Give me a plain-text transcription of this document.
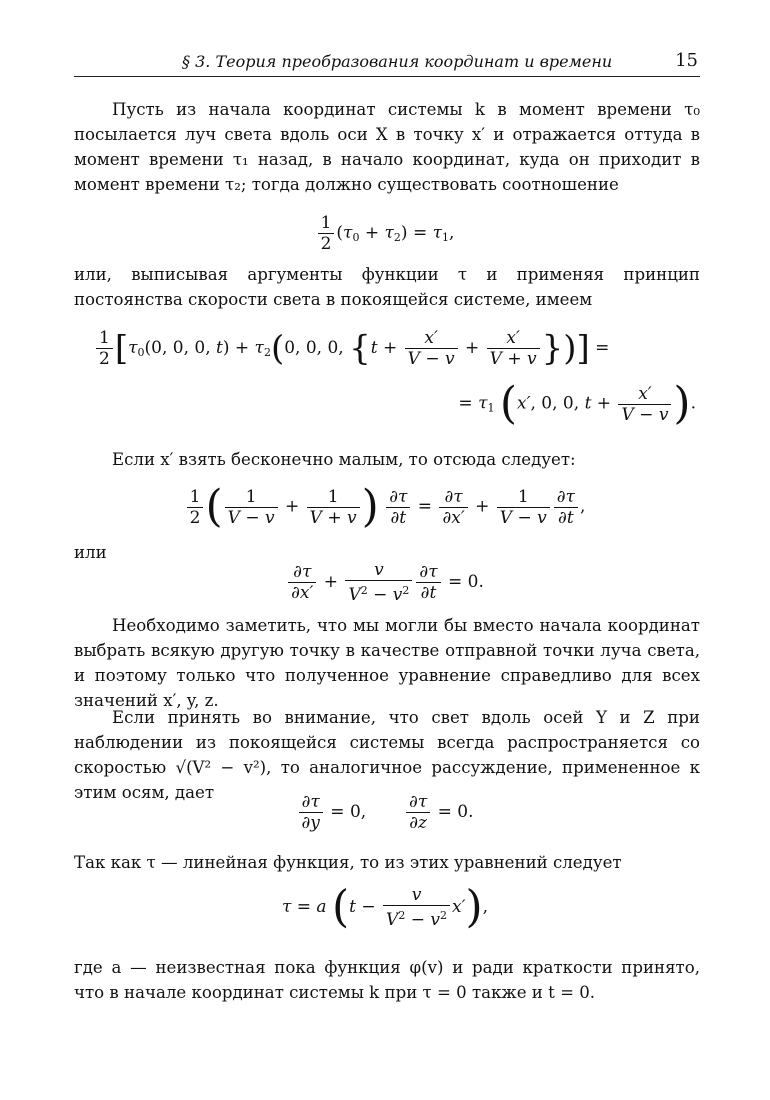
§ 3. Теория преобразования координат и времени	15

Пусть из начала координат системы k в момент времени τ₀ посылается луч света вдоль оси X в точку x′ и отражается оттуда в момент времени τ₁ назад, в начало координат, куда он приходит в момент времени τ₂; тогда должно существовать соотношение

$\frac{1}{2} (\tau_0 + \tau_2) = \tau_1$,

или, выписывая аргументы функции τ и применяя принцип постоянства скорости света в покоящейся системе, имеем

$\frac{1}{2} [\tau_0(0$, 0, 0, $t) + \tau_2(0$, 0, 0, {$t + \frac{x'}{V - v} + \frac{x'}{V + v}$ })] =
= $\tau_1$ (x′, 0, 0, $t + \frac{x'}{V - v}$ ).

Если x′ взять бесконечно малым, то отсюда следует:

$\frac{1}{2}$ ( $\frac{1}{V - v} + \frac{1}{V + v}$ ) $\frac{\partial\tau}{\partial t} = \frac{\partial\tau}{\partial x'} + \frac{1}{V - v} \frac{\partial\tau}{\partial t}$ ,

или

$\frac{\partial\tau}{\partial x'} + \frac{v}{V^2 - v^2} \frac{\partial\tau}{\partial t} = 0$.

Необходимо заметить, что мы могли бы вместо начала координат выбрать всякую другую точку в качестве отправной точки луча света, и поэтому только что полученное уравнение справедливо для всех значений x′, y, z.

Если принять во внимание, что свет вдоль осей Y и Z при наблюдении из покоящейся системы всегда распространяется со скоростью √(V² − v²), то аналогичное рассуждение, примененное к этим осям, дает	$\frac{\partial\tau}{\partial y} = 0$, $\frac{\partial\tau}{\partial z} = 0$.

Так как τ — линейная функция, то из этих уравнений следует

τ = a $(t - \frac{v}{V^2 - v^2} x')$,

где a — неизвестная пока функция φ(v) и ради краткости принято, что в начале координат системы k при τ = 0 также и t = 0.
